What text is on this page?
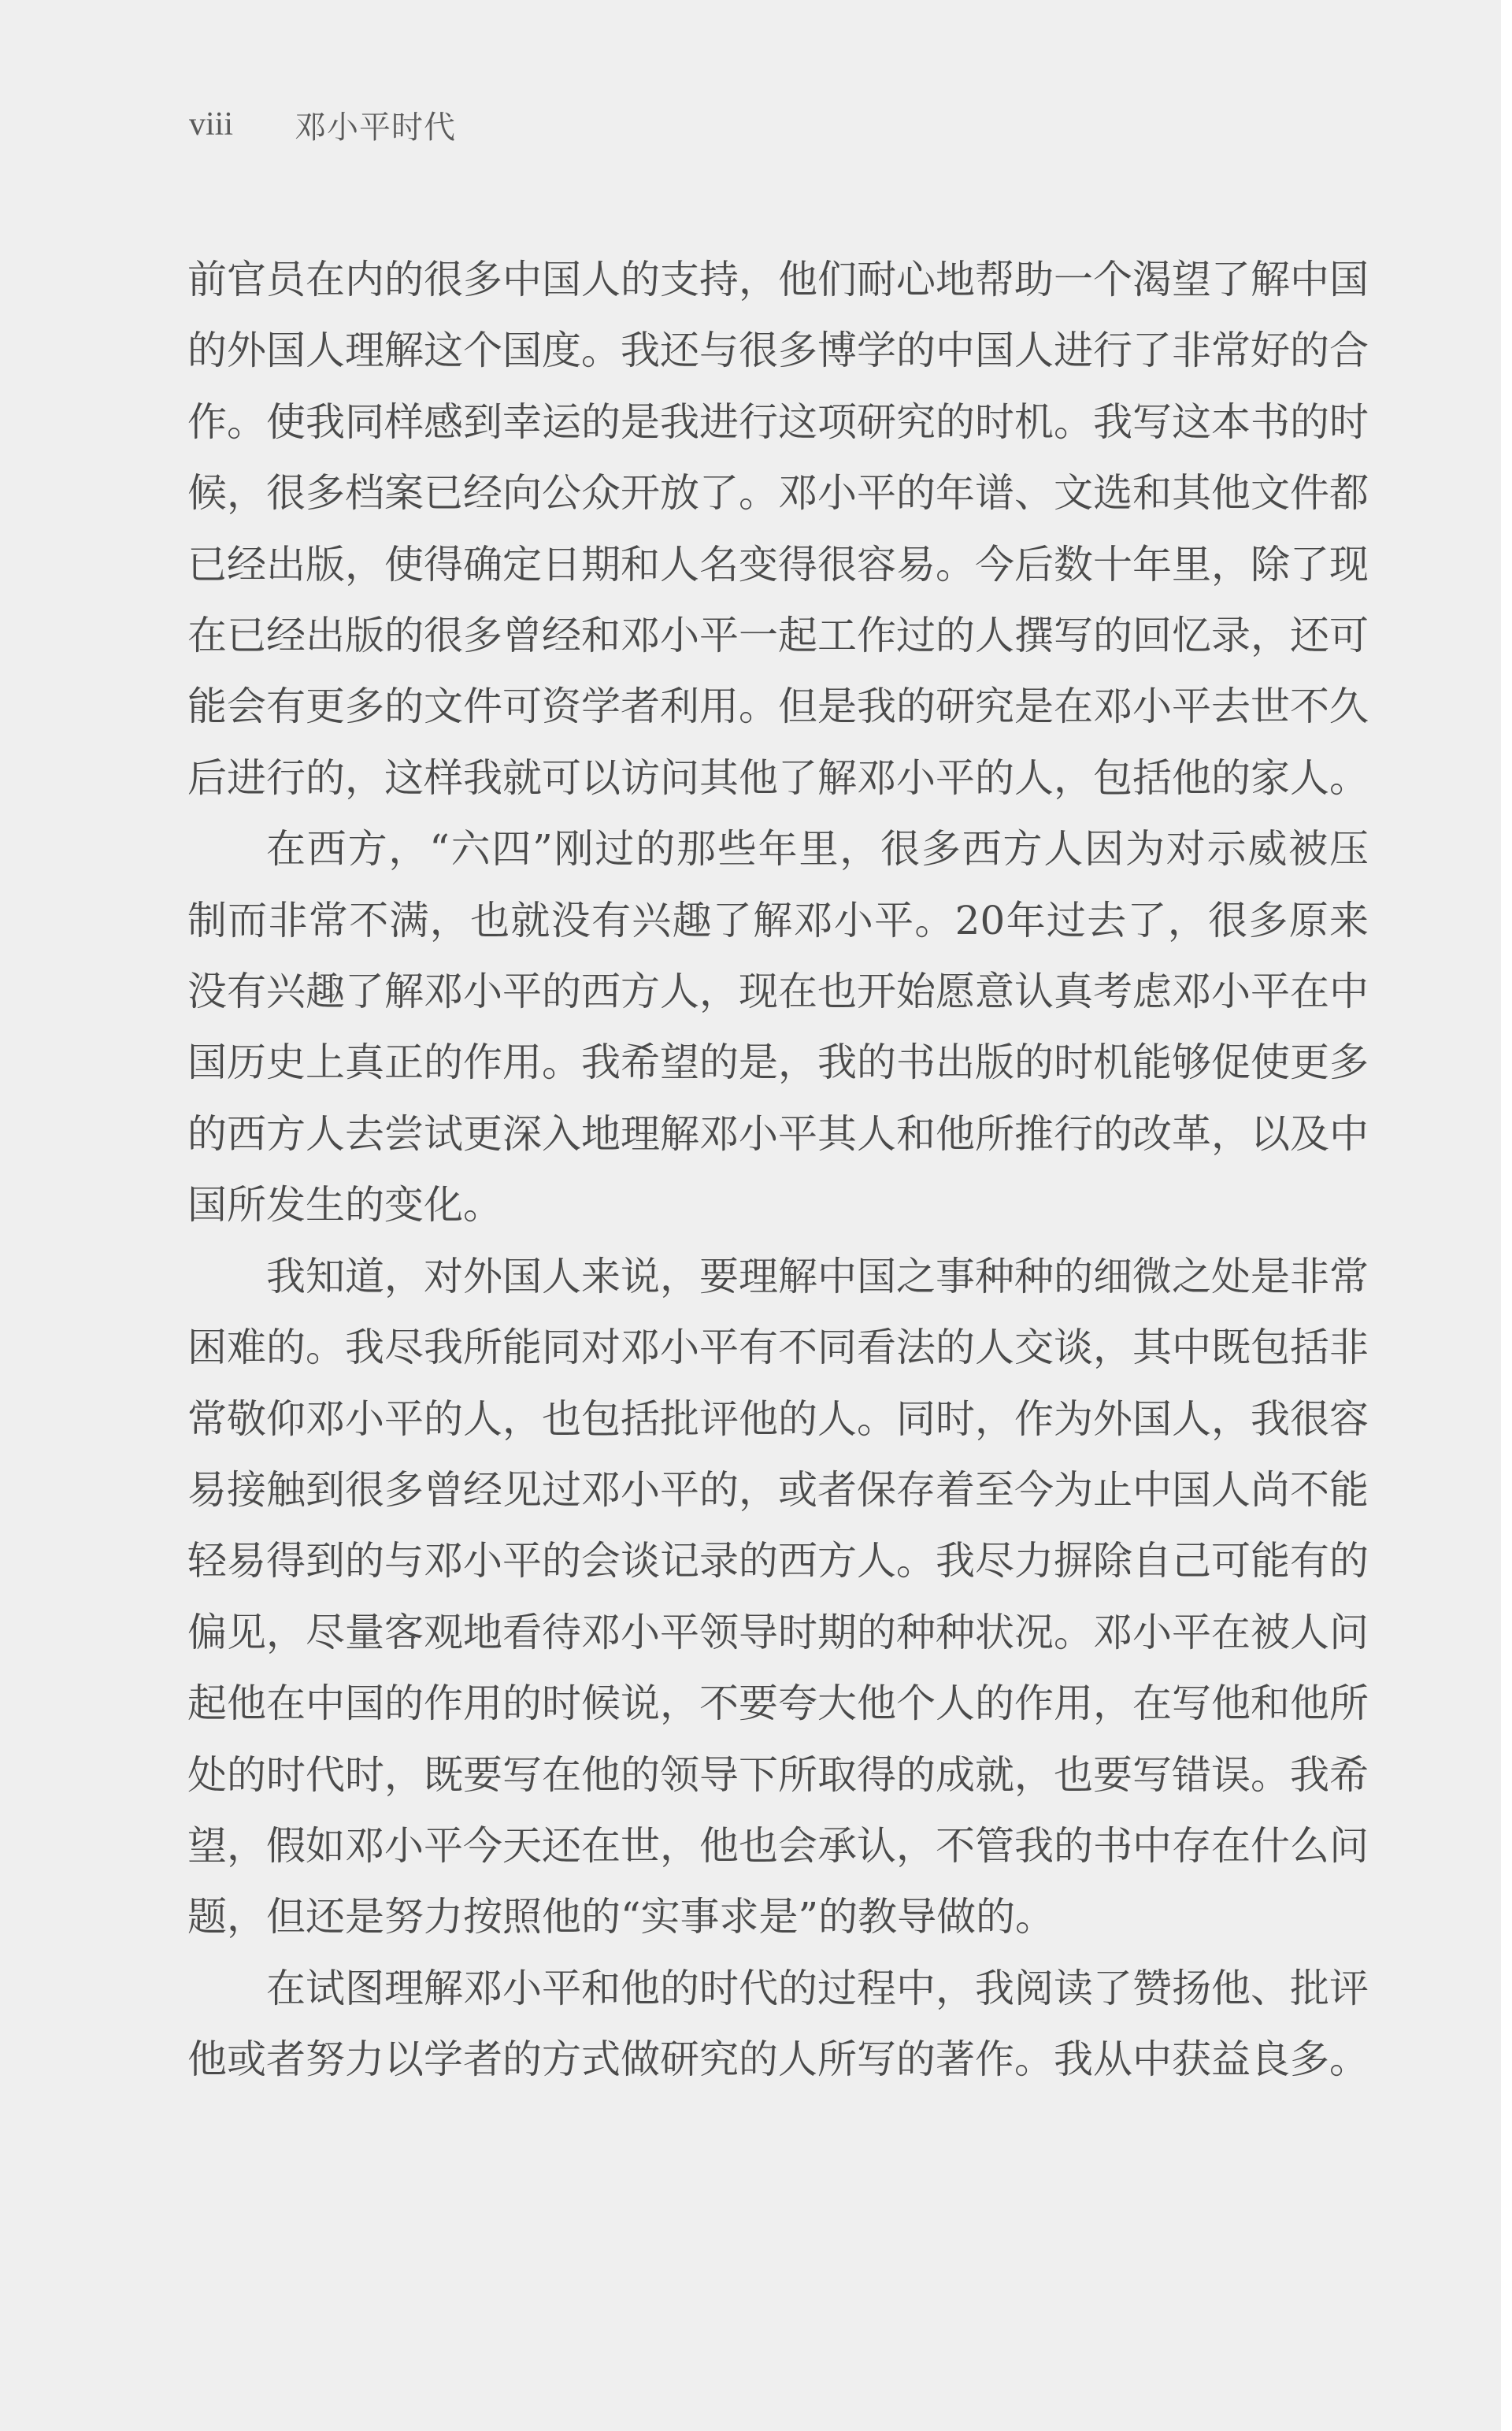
viii	邓小平时代

前官员在内的很多中国人的支持，他们耐心地帮助一个渴望了解中国的外国人理解这个国度。我还与很多博学的中国人进行了非常好的合作。使我同样感到幸运的是我进行这项研究的时机。我写这本书的时候，很多档案已经向公众开放了。邓小平的年谱、文选和其他文件都已经出版，使得确定日期和人名变得很容易。今后数十年里，除了现在已经出版的很多曾经和邓小平一起工作过的人撰写的回忆录，还可能会有更多的文件可资学者利用。但是我的研究是在邓小平去世不久后进行的，这样我就可以访问其他了解邓小平的人，包括他的家人。

在西方，“六四”刚过的那些年里，很多西方人因为对示威被压制而非常不满，也就没有兴趣了解邓小平。20年过去了，很多原来没有兴趣了解邓小平的西方人，现在也开始愿意认真考虑邓小平在中国历史上真正的作用。我希望的是，我的书出版的时机能够促使更多的西方人去尝试更深入地理解邓小平其人和他所推行的改革，以及中国所发生的变化。

我知道，对外国人来说，要理解中国之事种种的细微之处是非常困难的。我尽我所能同对邓小平有不同看法的人交谈，其中既包括非常敬仰邓小平的人，也包括批评他的人。同时，作为外国人，我很容易接触到很多曾经见过邓小平的，或者保存着至今为止中国人尚不能轻易得到的与邓小平的会谈记录的西方人。我尽力摒除自己可能有的偏见，尽量客观地看待邓小平领导时期的种种状况。邓小平在被人问起他在中国的作用的时候说，不要夸大他个人的作用，在写他和他所处的时代时，既要写在他的领导下所取得的成就，也要写错误。我希望，假如邓小平今天还在世，他也会承认，不管我的书中存在什么问题，但还是努力按照他的“实事求是”的教导做的。

在试图理解邓小平和他的时代的过程中，我阅读了赞扬他、批评他或者努力以学者的方式做研究的人所写的著作。我从中获益良多。
